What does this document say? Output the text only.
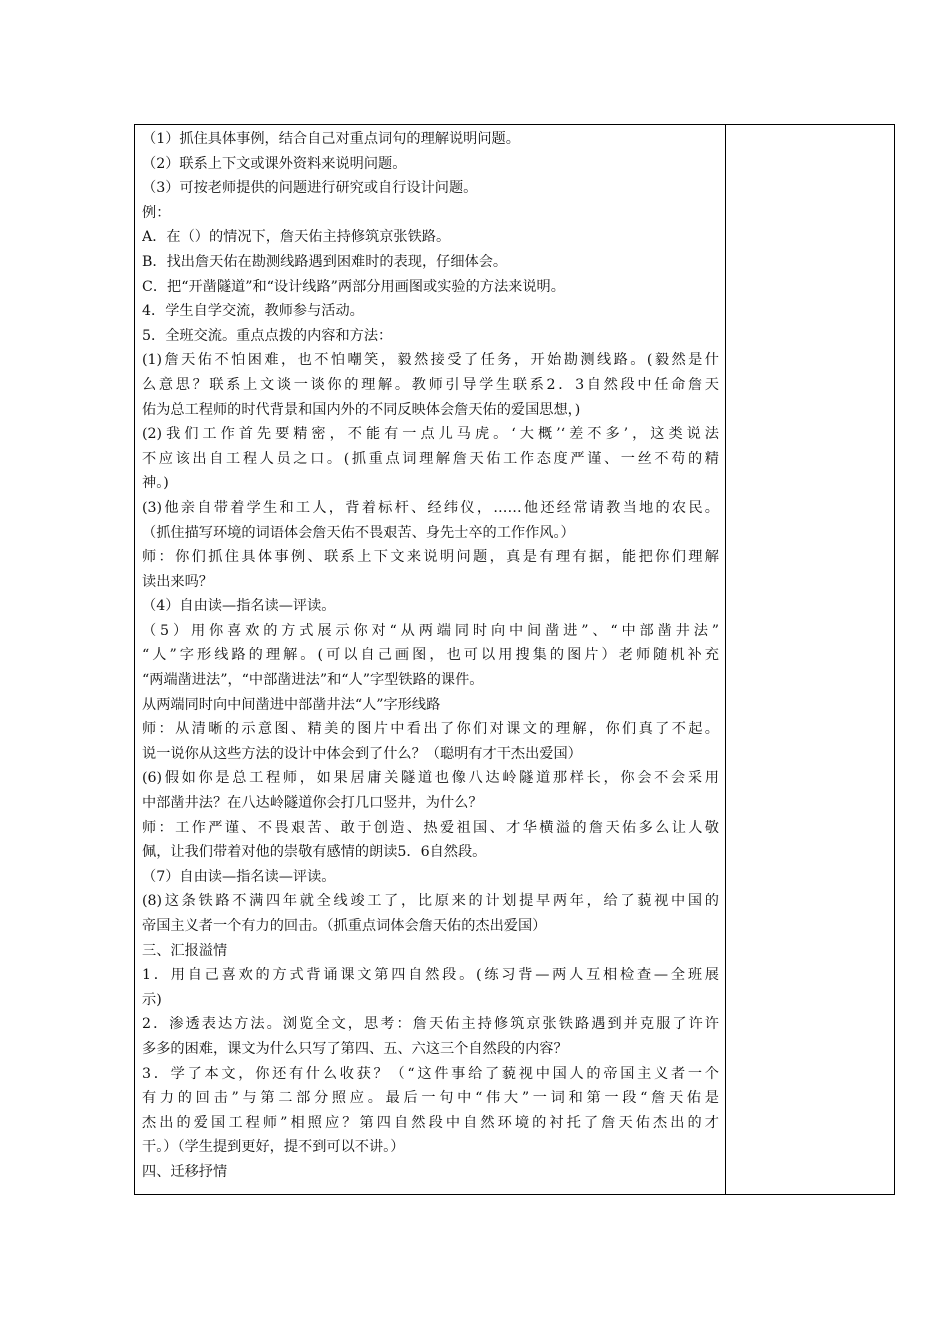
（1）抓住具体事例，结合自己对重点词句的理解说明问题。
（2）联系上下文或课外资料来说明问题。
（3）可按老师提供的问题进行研究或自行设计问题。
例：
A．在（）的情况下，詹天佑主持修筑京张铁路。
B．找出詹天佑在勘测线路遇到困难时的表现，仔细体会。
C．把“开凿隧道”和“设计线路”两部分用画图或实验的方法来说明。
4．学生自学交流，教师参与活动。
5．全班交流。重点点拨的内容和方法：
(1)詹天佑不怕困难，也不怕嘲笑，毅然接受了任务，开始勘测线路。(毅然是什
么意思？联系上文谈一谈你的理解。教师引导学生联系2．3自然段中任命詹天
佑为总工程师的时代背景和国内外的不同反映体会詹天佑的爱国思想，)
(2)我们工作首先要精密，不能有一点儿马虎。‘大概’‘差不多’，这类说法
不应该出自工程人员之口。(抓重点词理解詹天佑工作态度严谨、一丝不苟的精
神。)
(3)他亲自带着学生和工人，背着标杆、经纬仪，……他还经常请教当地的农民。
（抓住描写环境的词语体会詹天佑不畏艰苦、身先士卒的工作作风。）
师：你们抓住具体事例、联系上下文来说明问题，真是有理有据，能把你们理解
读出来吗？
（4）自由读—指名读—评读。
（5）用你喜欢的方式展示你对“从两端同时向中间凿进”、“中部凿井法”
“人”字形线路的理解。(可以自己画图，也可以用搜集的图片）老师随机补充
“两端凿进法”，“中部凿进法”和“人”字型铁路的课件。
从两端同时向中间凿进中部凿井法“人”字形线路
师：从清晰的示意图、精美的图片中看出了你们对课文的理解，你们真了不起。
说一说你从这些方法的设计中体会到了什么？（聪明有才干杰出爱国）
(6)假如你是总工程师，如果居庸关隧道也像八达岭隧道那样长，你会不会采用
中部凿井法？在八达岭隧道你会打几口竖井，为什么？
师：工作严谨、不畏艰苦、敢于创造、热爱祖国、才华横溢的詹天佑多么让人敬
佩，让我们带着对他的崇敬有感情的朗读5．6自然段。
（7）自由读—指名读—评读。
(8)这条铁路不满四年就全线竣工了，比原来的计划提早两年，给了藐视中国的
帝国主义者一个有力的回击。（抓重点词体会詹天佑的杰出爱国）
三、汇报溢情
1．用自己喜欢的方式背诵课文第四自然段。(练习背—两人互相检查—全班展
示)
2．渗透表达方法。浏览全文，思考：詹天佑主持修筑京张铁路遇到并克服了许许
多多的困难，课文为什么只写了第四、五、六这三个自然段的内容？
3．学了本文，你还有什么收获？（“这件事给了藐视中国人的帝国主义者一个
有力的回击”与第二部分照应。最后一句中“伟大”一词和第一段“詹天佑是
杰出的爱国工程师”相照应？第四自然段中自然环境的衬托了詹天佑杰出的才
干。）（学生提到更好，提不到可以不讲。）
四、迁移抒情
